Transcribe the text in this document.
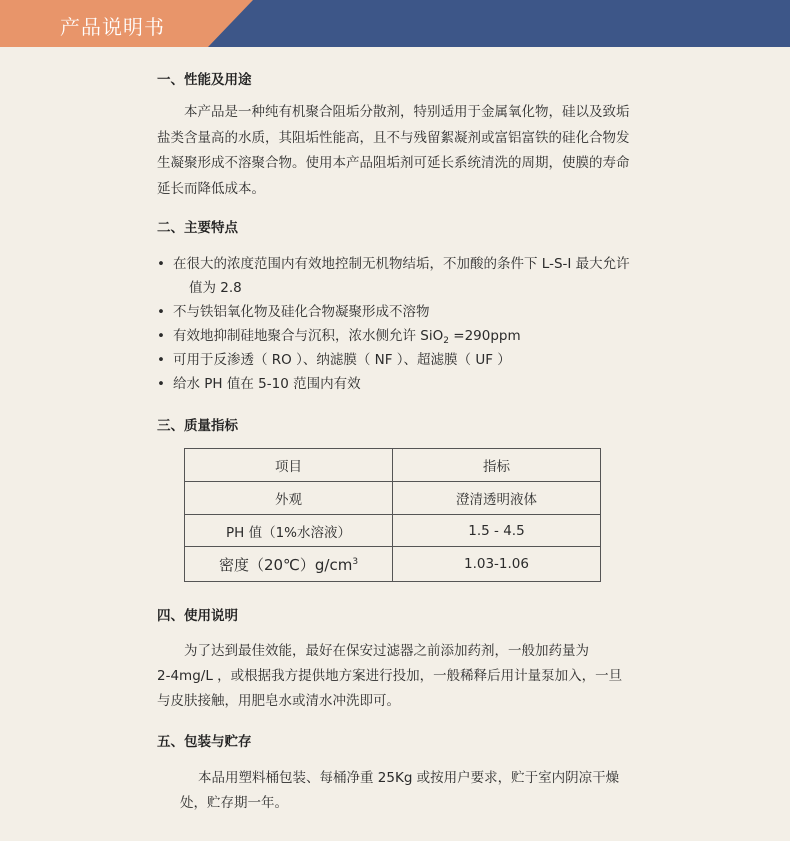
产品说明书
一、性能及用途
本产品是一种纯有机聚合阻垢分散剂，特别适用于金属氧化物，硅以及致垢盐类含量高的水质，其阻垢性能高，且不与残留絮凝剂或富铝富铁的硅化合物发生凝聚形成不溶聚合物。使用本产品阻垢剂可延长系统清洗的周期，使膜的寿命延长而降低成本。
二、主要特点
• 在很大的浓度范围内有效地控制无机物结垢，不加酸的条件下 L-S-I 最大允许
值为 2.8
• 不与铁铝氧化物及硅化合物凝聚形成不溶物
• 有效地抑制硅地聚合与沉积，浓水侧允许 SiO$_2$ =290ppm
• 可用于反渗透（ RO ）、纳滤膜（ NF ）、超滤膜（ UF ）
• 给水 PH 值在 5-10 范围内有效
三、质量指标
项目	指标
外观	澄清透明液体
PH 值（1%水溶液）	1.5 - 4.5
密度$(20℃)g/cm^3$	1.03-1.06
四、使用说明
为了达到最佳效能，最好在保安过滤器之前添加药剂，一般加药量为
2-4mg/L ，或根据我方提供地方案进行投加，一般稀释后用计量泵加入，一旦
与皮肤接触，用肥皂水或清水冲洗即可。
五、包装与贮存
本品用塑料桶包装、每桶净重 25Kg 或按用户要求，贮于室内阴凉干燥
处，贮存期一年。
